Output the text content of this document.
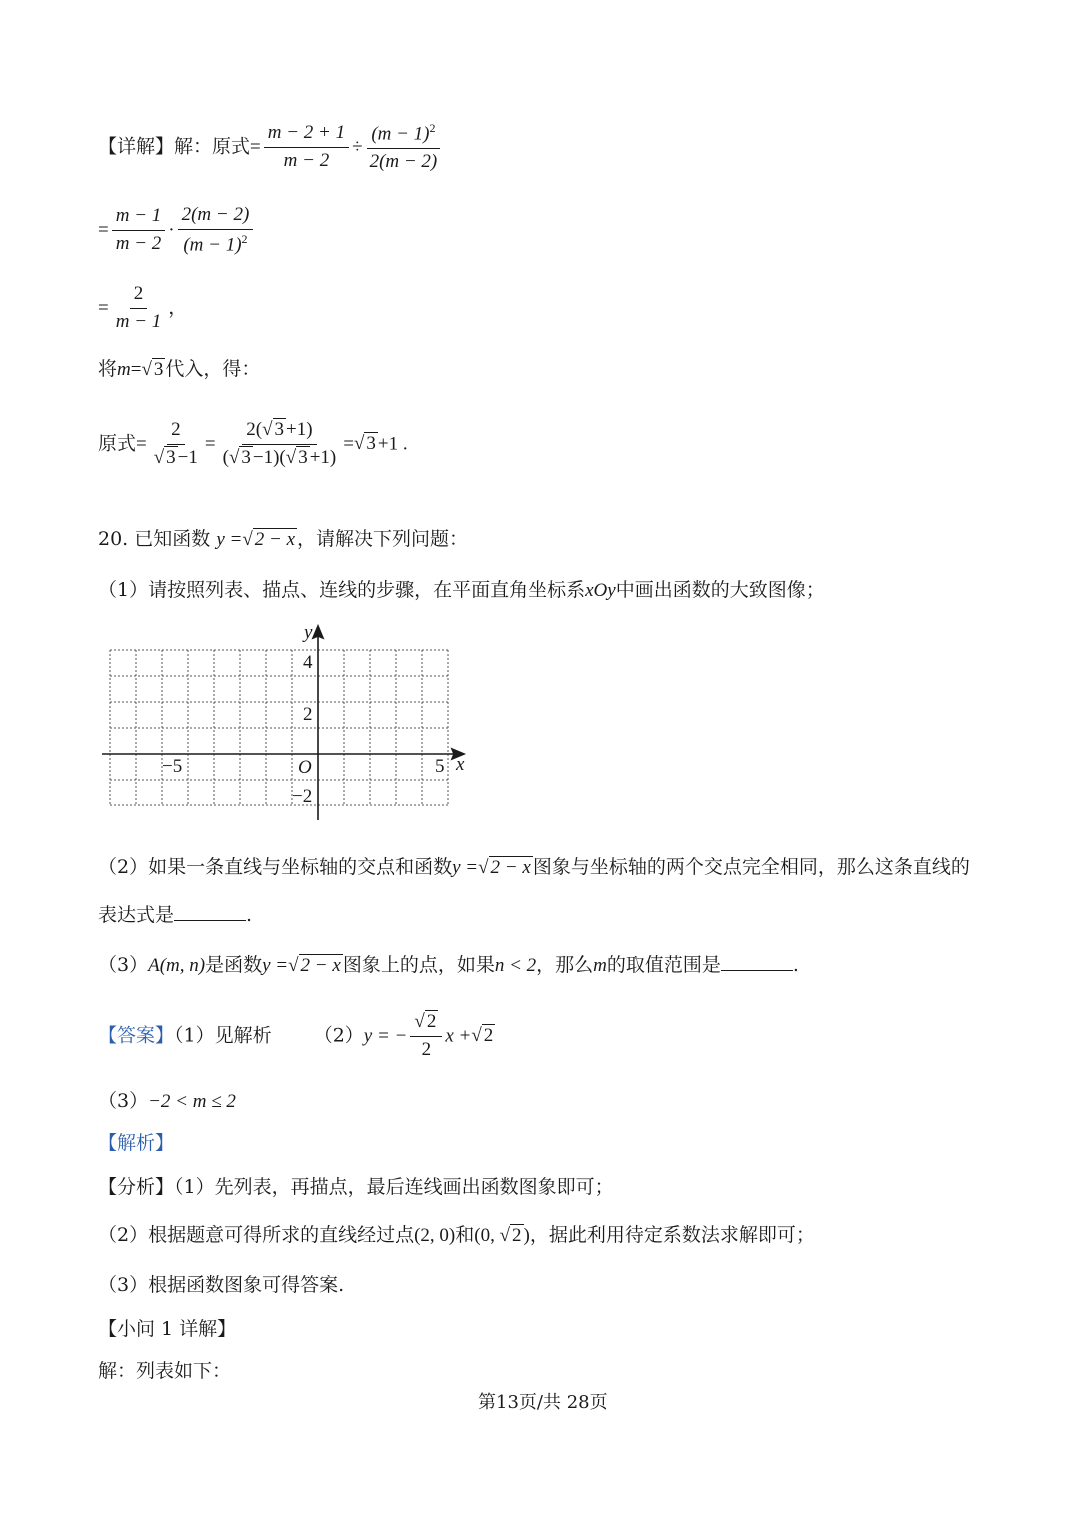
【详解】解：原式= $\frac{m - 2 + 1}{m - 2} \div \frac{(m - 1)^2}{2(m - 2)}$
= $\frac{m - 1}{m - 2} \cdot \frac{2(m - 2)}{(m - 1)^2}$
= $\frac{2}{m - 1}$ ，
将m=√ 3 代入，得：
原式= $\frac{2}{√ 3 -1} = \frac{2(√ 3 +1)}{(√ 3 -1)(√ 3 +1)}$ =√ 3 +1 .
20. 已知函数 y =√ 2 − x ，请解决下列问题：
（1）请按照列表、描点、连线的步骤，在平面直角坐标系xOy中画出函数的大致图像；
y
x
O
4
2
−2
−5	5
（2）如果一条直线与坐标轴的交点和函数y =√ 2 − x 图象与坐标轴的两个交点完全相同，那么这条直线的
表达式是	.
（3）A(m, n)是函数y =√ 2 − x 图象上的点，如果n < 2，那么m的取值范围是	.
【答案】（1）见解析 （2）y = − $\frac{√ 2}{2}$ x +√ 2
（3）−2 < m ≤ 2
【解析】
【分析】（1）先列表，再描点，最后连线画出函数图象即可；
（2）根据题意可得所求的直线经过点(2, 0)和(0, √ 2 )，据此利用待定系数法求解即可；
（3）根据函数图象可得答案.
【小问 1 详解】
解：列表如下：
第13页/共 28页
